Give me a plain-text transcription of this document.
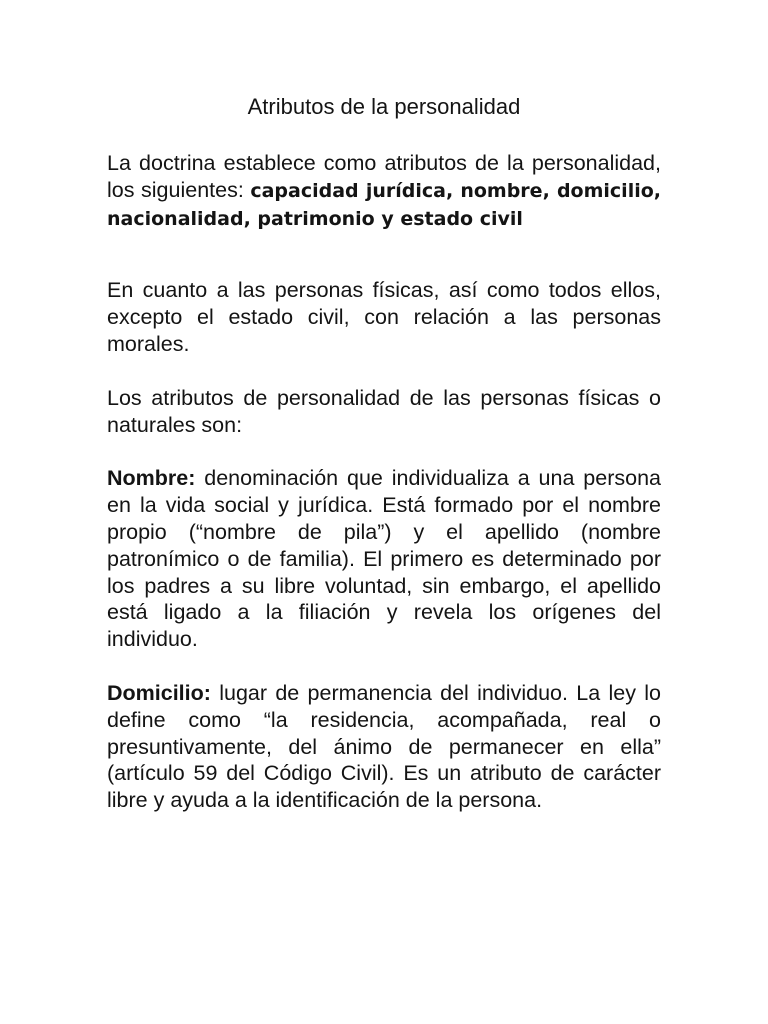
Atributos de la personalidad

La doctrina establece como atributos de la personalidad, los siguientes: capacidad jurídica, nombre, domicilio, nacionalidad, patrimonio y estado civil

En cuanto a las personas físicas, así como todos ellos, excepto el estado civil, con relación a las personas morales.

Los atributos de personalidad de las personas físicas o naturales son:

Nombre: denominación que individualiza a una persona en la vida social y jurídica. Está formado por el nombre propio (“nombre de pila”) y el apellido (nombre patronímico o de familia). El primero es determinado por los padres a su libre voluntad, sin embargo, el apellido está ligado a la filiación y revela los orígenes del individuo.

Domicilio: lugar de permanencia del individuo. La ley lo define como “la residencia, acompañada, real o presuntivamente, del ánimo de permanecer en ella” (artículo 59 del Código Civil). Es un atributo de carácter libre y ayuda a la identificación de la persona.
